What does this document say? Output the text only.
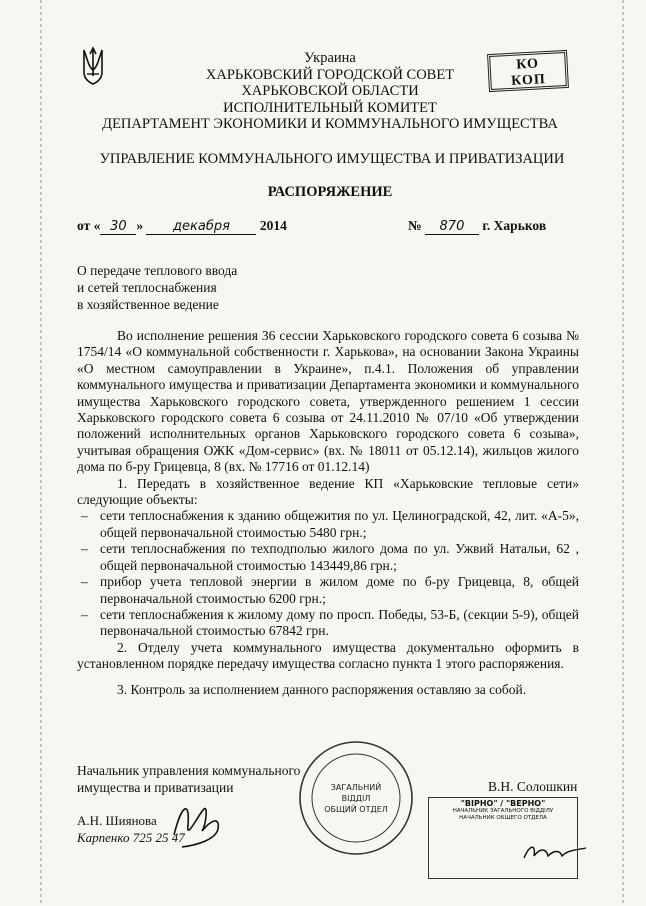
КО
КОП
Украина
ХАРЬКОВСКИЙ ГОРОДСКОЙ СОВЕТ
ХАРЬКОВСКОЙ ОБЛАСТИ
ИСПОЛНИТЕЛЬНЫЙ КОМИТЕТ
ДЕПАРТАМЕНТ ЭКОНОМИКИ И КОММУНАЛЬНОГО ИМУЩЕСТВА
УПРАВЛЕНИЕ КОММУНАЛЬНОГО ИМУЩЕСТВА И ПРИВАТИЗАЦИИ
РАСПОРЯЖЕНИЕ
от « 30 » декабря 2014	№ 870 г. Харьков
О передаче теплового ввода
и сетей теплоснабжения
в хозяйственное ведение

Во исполнение решения 36 сессии Харьковского городского совета 6 созыва № 1754/14 «О коммунальной собственности г. Харькова», на основании Закона Украины «О местном самоуправлении в Украине», п.4.1. Положения об управлении коммунального имущества и приватизации Департамента экономики и коммунального имущества Харьковского городского совета, утвержденного решением 1 сессии Харьковского городского совета 6 созыва от 24.11.2010 № 07/10 «Об утверждении положений исполнительных органов Харьковского городского совета 6 созыва», учитывая обращения ОЖК «Дом-сервис» (вх. № 18011 от 05.12.14), жильцов жилого дома по б-ру Грицевца, 8 (вх. № 17716 от 01.12.14)

1. Передать в хозяйственное ведение КП «Харьковские тепловые сети» следующие объекты:

– сети теплоснабжения к зданию общежития по ул. Целиноградской, 42, лит. «А-5», общей первоначальной стоимостью 5480 грн.;
– сети теплоснабжения по техподполью жилого дома по ул. Ужвий Натальи, 62 , общей первоначальной стоимостью 143449,86 грн.;
– прибор учета тепловой энергии в жилом доме по б-ру Грицевца, 8, общей первоначальной стоимостью 6200 грн.;
– сети теплоснабжения к жилому дому по просп. Победы, 53-Б, (секции 5-9), общей первоначальной стоимостью 67842 грн.

2. Отделу учета коммунального имущества документально оформить в установленном порядке передачу имущества согласно пункта 1 этого распоряжения.

3. Контроль за исполнением данного распоряжения оставляю за собой.

Начальник управления коммунального
имущества и приватизации	В.Н. Солошкин
ЗАГАЛЬНИЙ
ВІДДІЛ
ОБЩИЙ ОТДЕЛ
"ВІРНО" / "ВЕРНО"
НАЧАЛЬНИК ЗАГАЛЬНОГО ВІДДІЛУ
НАЧАЛЬНИК ОБЩЕГО ОТДЕЛА
А.Н. Шиянова
Карпенко 725 25 47
